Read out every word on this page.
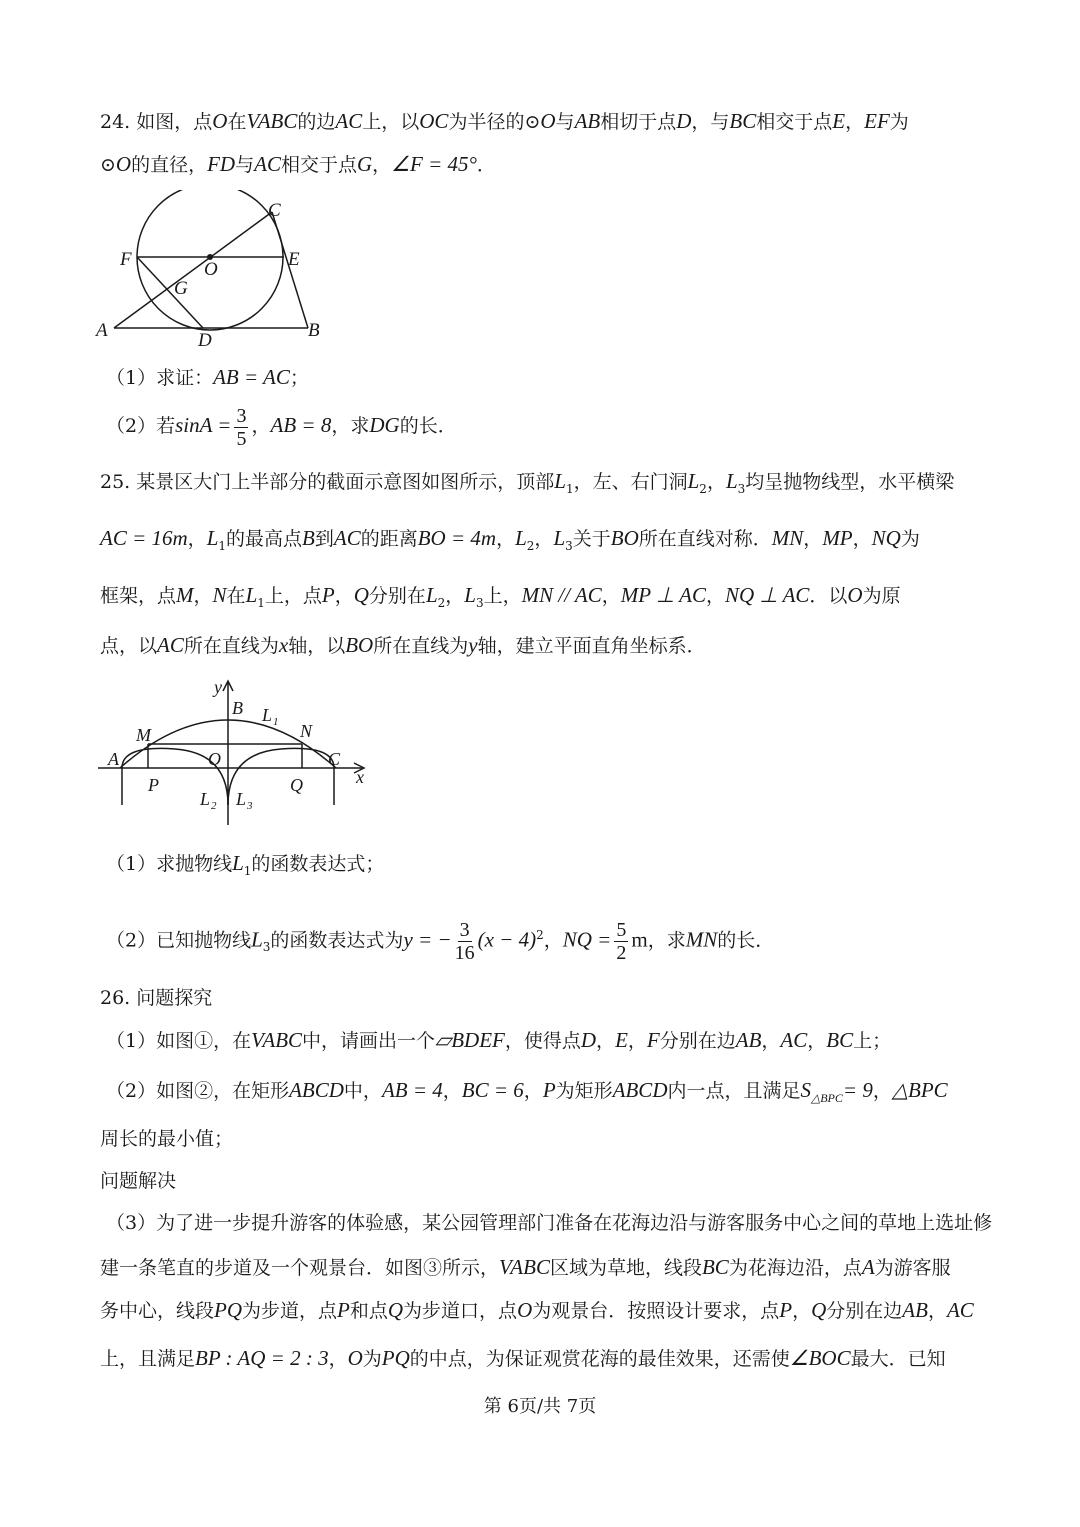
24. 如图，点O在VABC的边AC上，以OC为半径的⊙O与AB相切于点D，与BC相交于点E，EF为
⊙O的直径，FD与AC相交于点G，∠F = 45°．
C
F	O	E
G
A	D	B
（1）求证：AB = AC；
（2）若$\sin A = \frac{3}{5}$ ，AB = 8，求DG的长．
25. 某景区大门上半部分的截面示意图如图所示，顶部$L_1$，左、右门洞$L_2$，$L_3$均呈抛物线型，水平横梁
AC = 16m，$L_1$的最高点B到AC的距离BO = 4m，$L_2$，$L_3$关于BO所在直线对称．MN，MP，NQ为
框架，点M，N在$L_1$上，点P，Q分别在$L_2$，$L_3$上，MN // AC，MP ⊥ AC，NQ ⊥ AC．以O为原
点，以AC所在直线为x轴，以BO所在直线为y轴，建立平面直角坐标系．
y
B L 1
M	N
A	O	C
x
P	Q
L 2 L 3
（1）求抛物线$L_1$的函数表达式；
（2）已知抛物线$L_3$的函数表达式为y = − $\frac{3}{16} (x - 4)^2$，NQ = $\frac{5}{2}$ m，求MN的长．
26. 问题探究
（1）如图①，在VABC中，请画出一个▱BDEF，使得点D，E，F分别在边AB，AC，BC上；
（2）如图②，在矩形ABCD中，AB = 4，BC = 6，P为矩形ABCD内一点，且满足$S_{\triangle BPC}= 9$，△BPC
周长的最小值；
问题解决
（3）为了进一步提升游客的体验感，某公园管理部门准备在花海边沿与游客服务中心之间的草地上选址修
建一条笔直的步道及一个观景台．如图③所示，VABC区域为草地，线段BC为花海边沿，点A为游客服
务中心，线段PQ为步道，点P和点Q为步道口，点O为观景台．按照设计要求，点P，Q分别在边AB，AC
上，且满足BP : AQ = 2 : 3，O为PQ的中点，为保证观赏花海的最佳效果，还需使∠BOC最大．已知
第 6页/共 7页
